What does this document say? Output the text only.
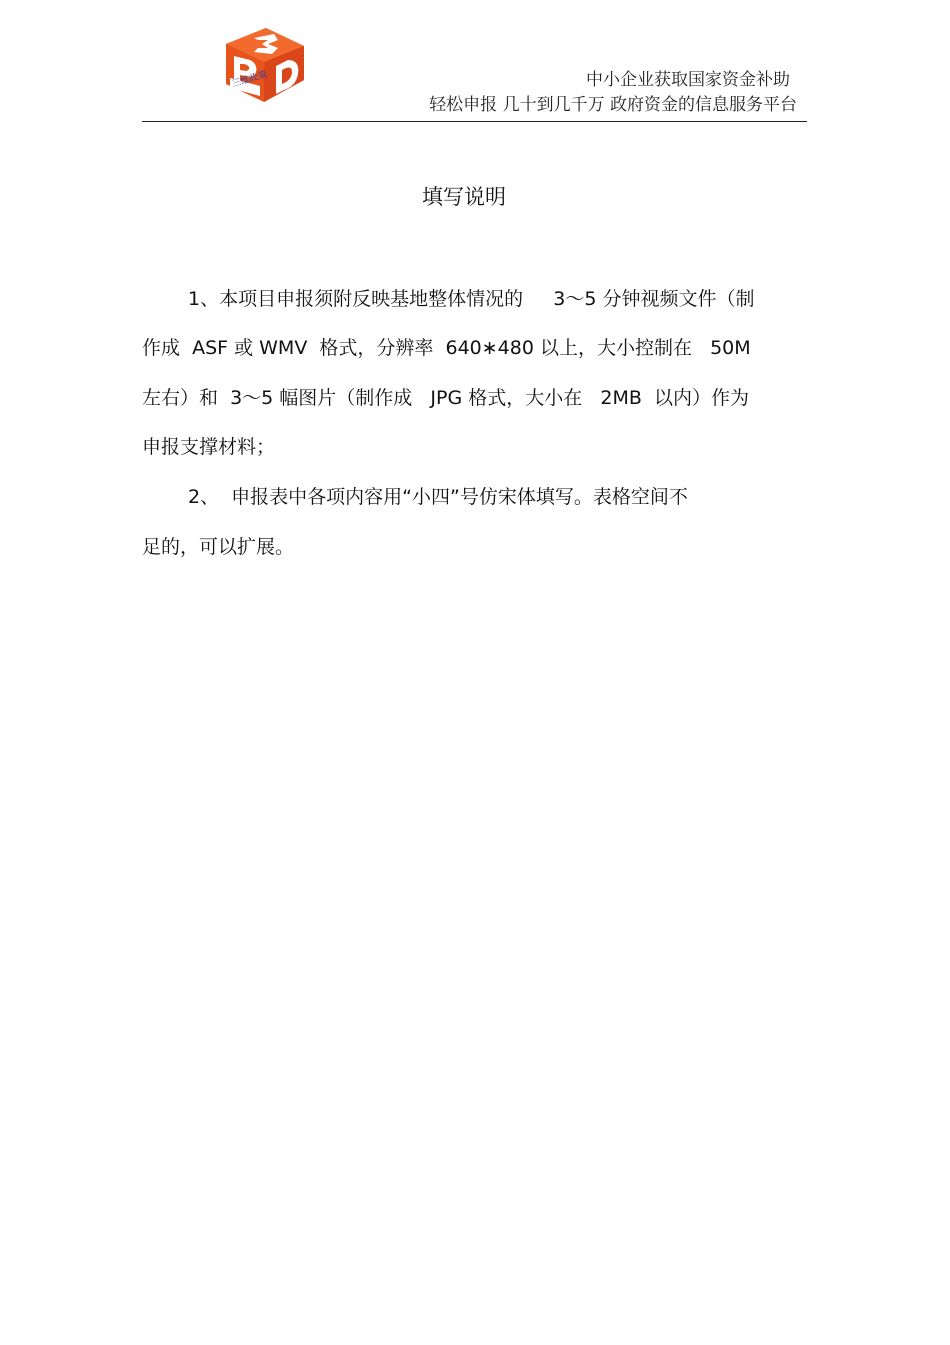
三维政策	中小企业获取国家资金补助
轻松申报 几十到几千万 政府资金的信息服务平台
填写说明
1、本项目申报须附反映基地整体情况的     3～5 分钟视频文件（制
作成  ASF 或 WMV  格式，分辨率  640∗480 以上，大小控制在   50M
左右）和  3～5 幅图片（制作成   JPG 格式，大小在   2MB  以内）作为
申报支撑材料；
2、  申报表中各项内容用“小四”号仿宋体填写。表格空间不
足的，可以扩展。
